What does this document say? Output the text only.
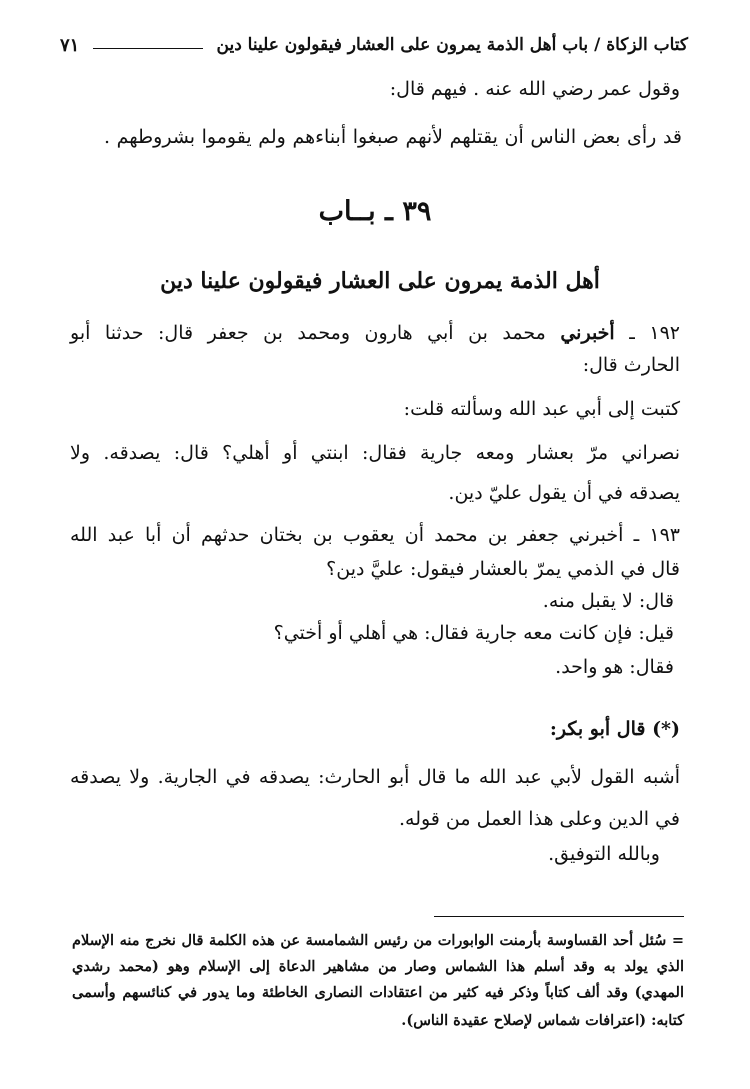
كتاب الزكاة / باب أهل الذمة يمرون على العشار فيقولون علينا دين
٧١
وقول عمر رضي الله عنه . فيهم قال:
قد رأى بعض الناس أن يقتلهم لأنهم صبغوا أبناءهم ولم يقوموا بشروطهم .
٣٩ ـ بــاب
أهل الذمة يمرون على العشار فيقولون علينا دين
١٩٢ ـ أخبرني محمد بن أبي هارون ومحمد بن جعفر قال: حدثنا أبو
الحارث قال:
كتبت إلى أبي عبد الله وسألته قلت:
نصراني مرّ بعشار ومعه جارية فقال: ابنتي أو أهلي؟ قال: يصدقه. ولا
يصدقه في أن يقول عليّ دين.
١٩٣ ـ أخبرني جعفر بن محمد أن يعقوب بن بختان حدثهم أن أبا عبد الله
قال في الذمي يمرّ بالعشار فيقول: عليَّ دين؟
قال: لا يقبل منه.
قيل: فإن كانت معه جارية فقال: هي أهلي أو أختي؟
فقال: هو واحد.
(*) قال أبو بكر:
أشبه القول لأبي عبد الله ما قال أبو الحارث: يصدقه في الجارية. ولا يصدقه
في الدين وعلى هذا العمل من قوله.
وبالله التوفيق.
= سُئل أحد القساوسة بأرمنت الوابورات من رئيس الشمامسة عن هذه الكلمة قال نخرج منه الإسلام
الذي يولد به وقد أسلم هذا الشماس وصار من مشاهير الدعاة إلى الإسلام وهو (محمد رشدي
المهدي) وقد ألف كتاباً وذكر فيه كثير من اعتقادات النصارى الخاطئة وما يدور في كنائسهم وأسمى
كتابه: (اعترافات شماس لإصلاح عقيدة الناس).
